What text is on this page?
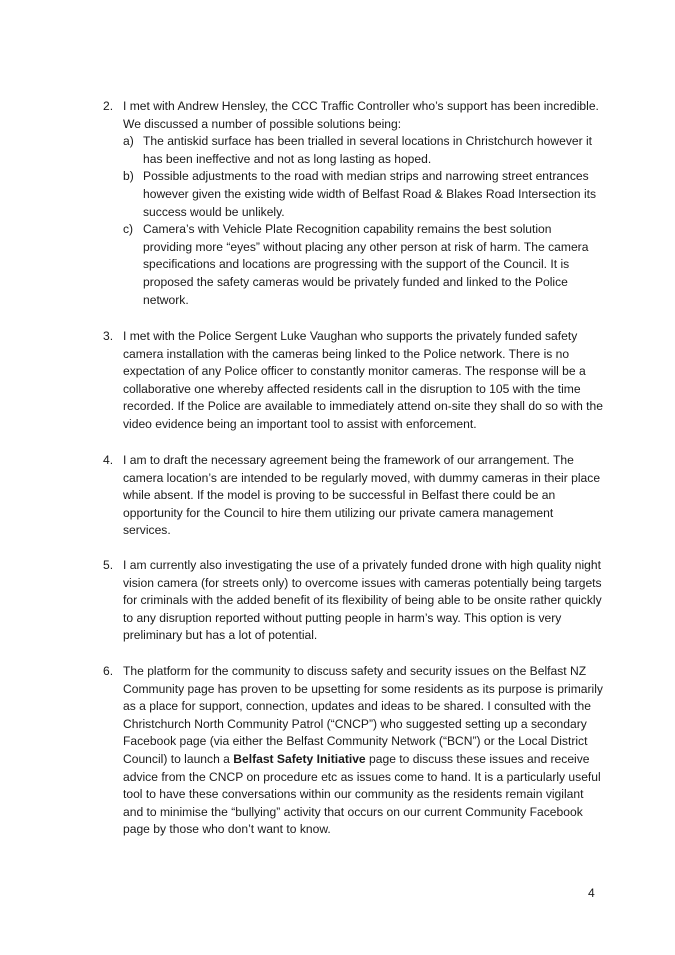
2. I met with Andrew Hensley, the CCC Traffic Controller who’s support has been incredible. We discussed a number of possible solutions being:
a) The antiskid surface has been trialled in several locations in Christchurch however it has been ineffective and not as long lasting as hoped.
b) Possible adjustments to the road with median strips and narrowing street entrances however given the existing wide width of Belfast Road & Blakes Road Intersection its success would be unlikely.
c) Camera’s with Vehicle Plate Recognition capability remains the best solution providing more “eyes” without placing any other person at risk of harm. The camera specifications and locations are progressing with the support of the Council. It is proposed the safety cameras would be privately funded and linked to the Police network.
3. I met with the Police Sergent Luke Vaughan who supports the privately funded safety camera installation with the cameras being linked to the Police network. There is no expectation of any Police officer to constantly monitor cameras. The response will be a collaborative one whereby affected residents call in the disruption to 105 with the time recorded. If the Police are available to immediately attend on-site they shall do so with the video evidence being an important tool to assist with enforcement.
4. I am to draft the necessary agreement being the framework of our arrangement. The camera location’s are intended to be regularly moved, with dummy cameras in their place while absent. If the model is proving to be successful in Belfast there could be an opportunity for the Council to hire them utilizing our private camera management services.
5. I am currently also investigating the use of a privately funded drone with high quality night vision camera (for streets only) to overcome issues with cameras potentially being targets for criminals with the added benefit of its flexibility of being able to be onsite rather quickly to any disruption reported without putting people in harm’s way. This option is very preliminary but has a lot of potential.
6. The platform for the community to discuss safety and security issues on the Belfast NZ Community page has proven to be upsetting for some residents as its purpose is primarily as a place for support, connection, updates and ideas to be shared. I consulted with the Christchurch North Community Patrol (“CNCP”) who suggested setting up a secondary Facebook page (via either the Belfast Community Network (“BCN”) or the Local District Council) to launch a Belfast Safety Initiative page to discuss these issues and receive advice from the CNCP on procedure etc as issues come to hand. It is a particularly useful tool to have these conversations within our community as the residents remain vigilant and to minimise the “bullying” activity that occurs on our current Community Facebook page by those who don’t want to know.
4
